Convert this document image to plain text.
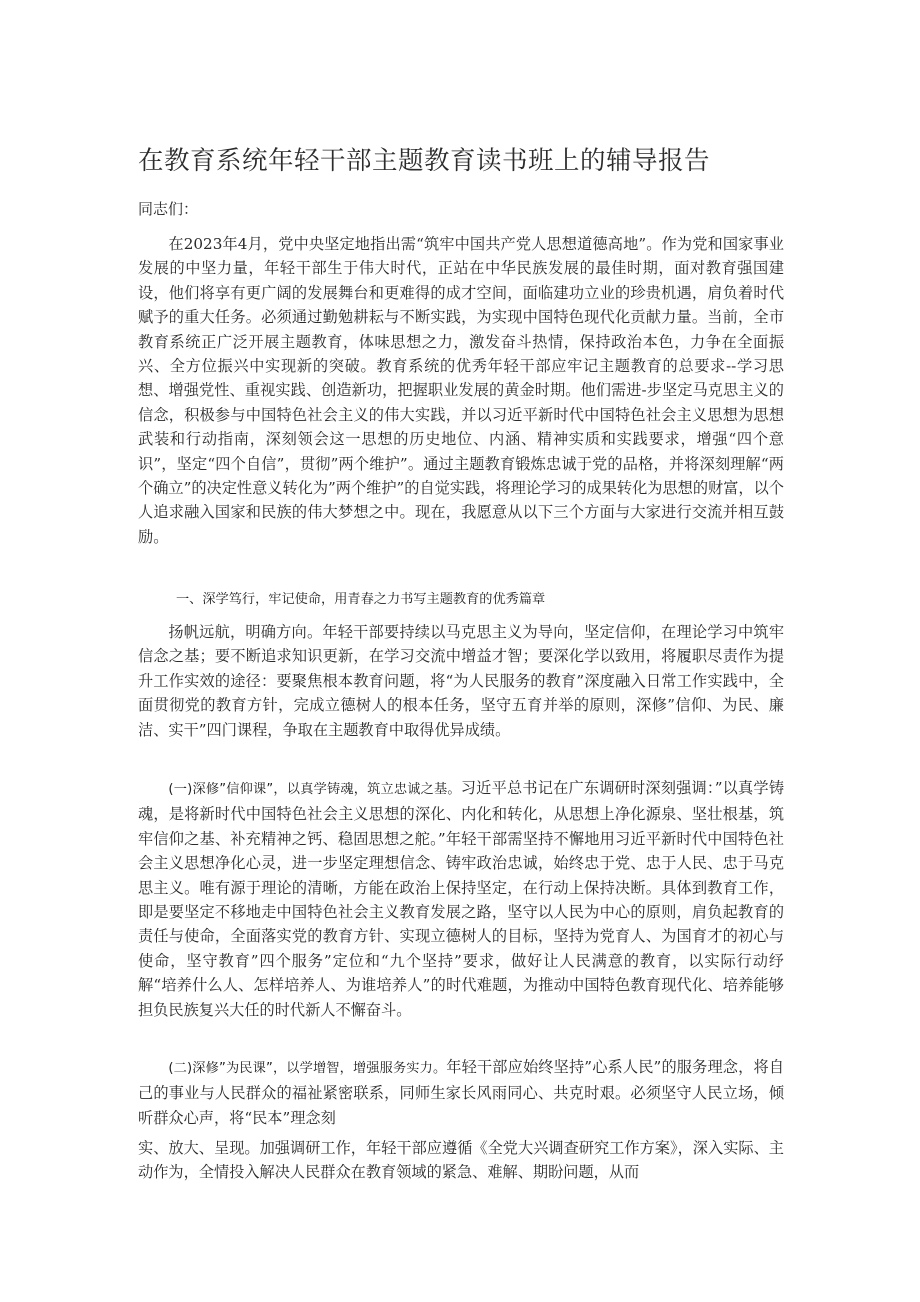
在教育系统年轻干部主题教育读书班上的辅导报告

同志们：

在2023年4月，党中央坚定地指出需“筑牢中国共产党人思想道德高地”。作为党和国家事业发展的中坚力量，年轻干部生于伟大时代，正站在中华民族发展的最佳时期，面对教育强国建设，他们将享有更广阔的发展舞台和更难得的成才空间，面临建功立业的珍贵机遇，肩负着时代赋予的重大任务。必须通过勤勉耕耘与不断实践，为实现中国特色现代化贡献力量。当前，全市教育系统正广泛开展主题教育，体味思想之力，激发奋斗热情，保持政治本色，力争在全面振兴、全方位振兴中实现新的突破。教育系统的优秀年轻干部应牢记主题教育的总要求--学习思想、增强党性、重视实践、创造新功，把握职业发展的黄金时期。他们需进-步坚定马克思主义的信念，积极参与中国特色社会主义的伟大实践，并以习近平新时代中国特色社会主义思想为思想武装和行动指南，深刻领会这一思想的历史地位、内涵、精神实质和实践要求，增强“四个意识”，坚定“四个自信”，贯彻”两个维护”。通过主题教育锻炼忠诚于党的品格，并将深刻理解“两个确立”的决定性意义转化为”两个维护”的自觉实践，将理论学习的成果转化为思想的财富，以个人追求融入国家和民族的伟大梦想之中。现在，我愿意从以下三个方面与大家进行交流并相互鼓励。

一、深学笃行，牢记使命，用青春之力书写主题教育的优秀篇章

扬帆远航，明确方向。年轻干部要持续以马克思主义为导向，坚定信仰，在理论学习中筑牢信念之基；要不断追求知识更新，在学习交流中增益才智；要深化学以致用，将履职尽责作为提升工作实效的途径：要聚焦根本教育问题，将“为人民服务的教育”深度融入日常工作实践中，全面贯彻党的教育方针，完成立德树人的根本任务，坚守五育并举的原则，深修”信仰、为民、廉洁、实干”四门课程，争取在主题教育中取得优异成绩。

(一)深修”信仰课”，以真学铸魂，筑立忠诚之基。习近平总书记在广东调研时深刻强调：”以真学铸魂，是将新时代中国特色社会主义思想的深化、内化和转化，从思想上净化源泉、坚壮根基，筑牢信仰之基、补充精神之钙、稳固思想之舵。”年轻干部需坚持不懈地用习近平新时代中国特色社会主义思想净化心灵，进一步坚定理想信念、铸牢政治忠诚，始终忠于党、忠于人民、忠于马克思主义。唯有源于理论的清晰，方能在政治上保持坚定，在行动上保持决断。具体到教育工作，即是要坚定不移地走中国特色社会主义教育发展之路，坚守以人民为中心的原则，肩负起教育的责任与使命，全面落实党的教育方针、实现立德树人的目标，坚持为党育人、为国育才的初心与使命，坚守教育”四个服务”定位和“九个坚持”要求，做好让人民满意的教育，以实际行动纾解“培养什么人、怎样培养人、为谁培养人”的时代难题，为推动中国特色教育现代化、培养能够担负民族复兴大任的时代新人不懈奋斗。

(二)深修”为民课”，以学增智，增强服务实力。年轻干部应始终坚持”心系人民”的服务理念，将自己的事业与人民群众的福祉紧密联系，同师生家长风雨同心、共克时艰。必须坚守人民立场，倾听群众心声，将“民本”理念刻

实、放大、呈现。加强调研工作，年轻干部应遵循《全党大兴调查研究工作方案》，深入实际、主动作为，全情投入解决人民群众在教育领域的紧急、难解、期盼问题，从而
